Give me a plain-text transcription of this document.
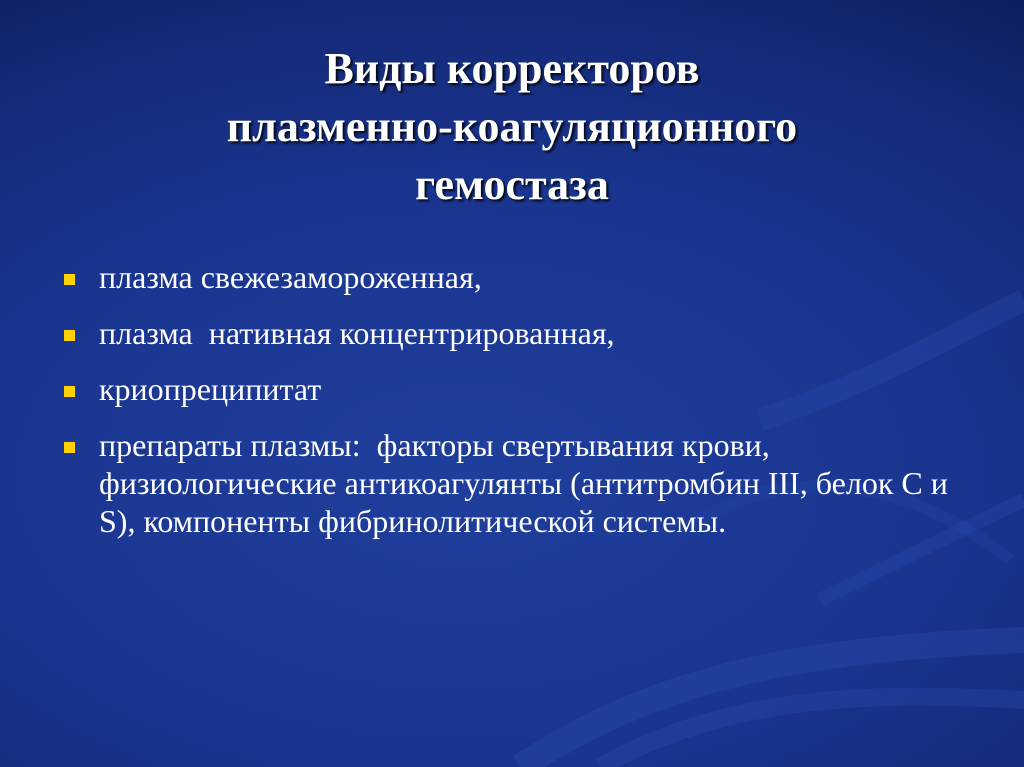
Виды корректоров
плазменно-коагуляционного
гемостаза
плазма свежезамороженная,
плазма  нативная концентрированная,
криопреципитат
препараты плазмы:  факторы свертывания крови, физиологические антикоагулянты (антитромбин III, белок C и S), компоненты фибринолитической системы.
